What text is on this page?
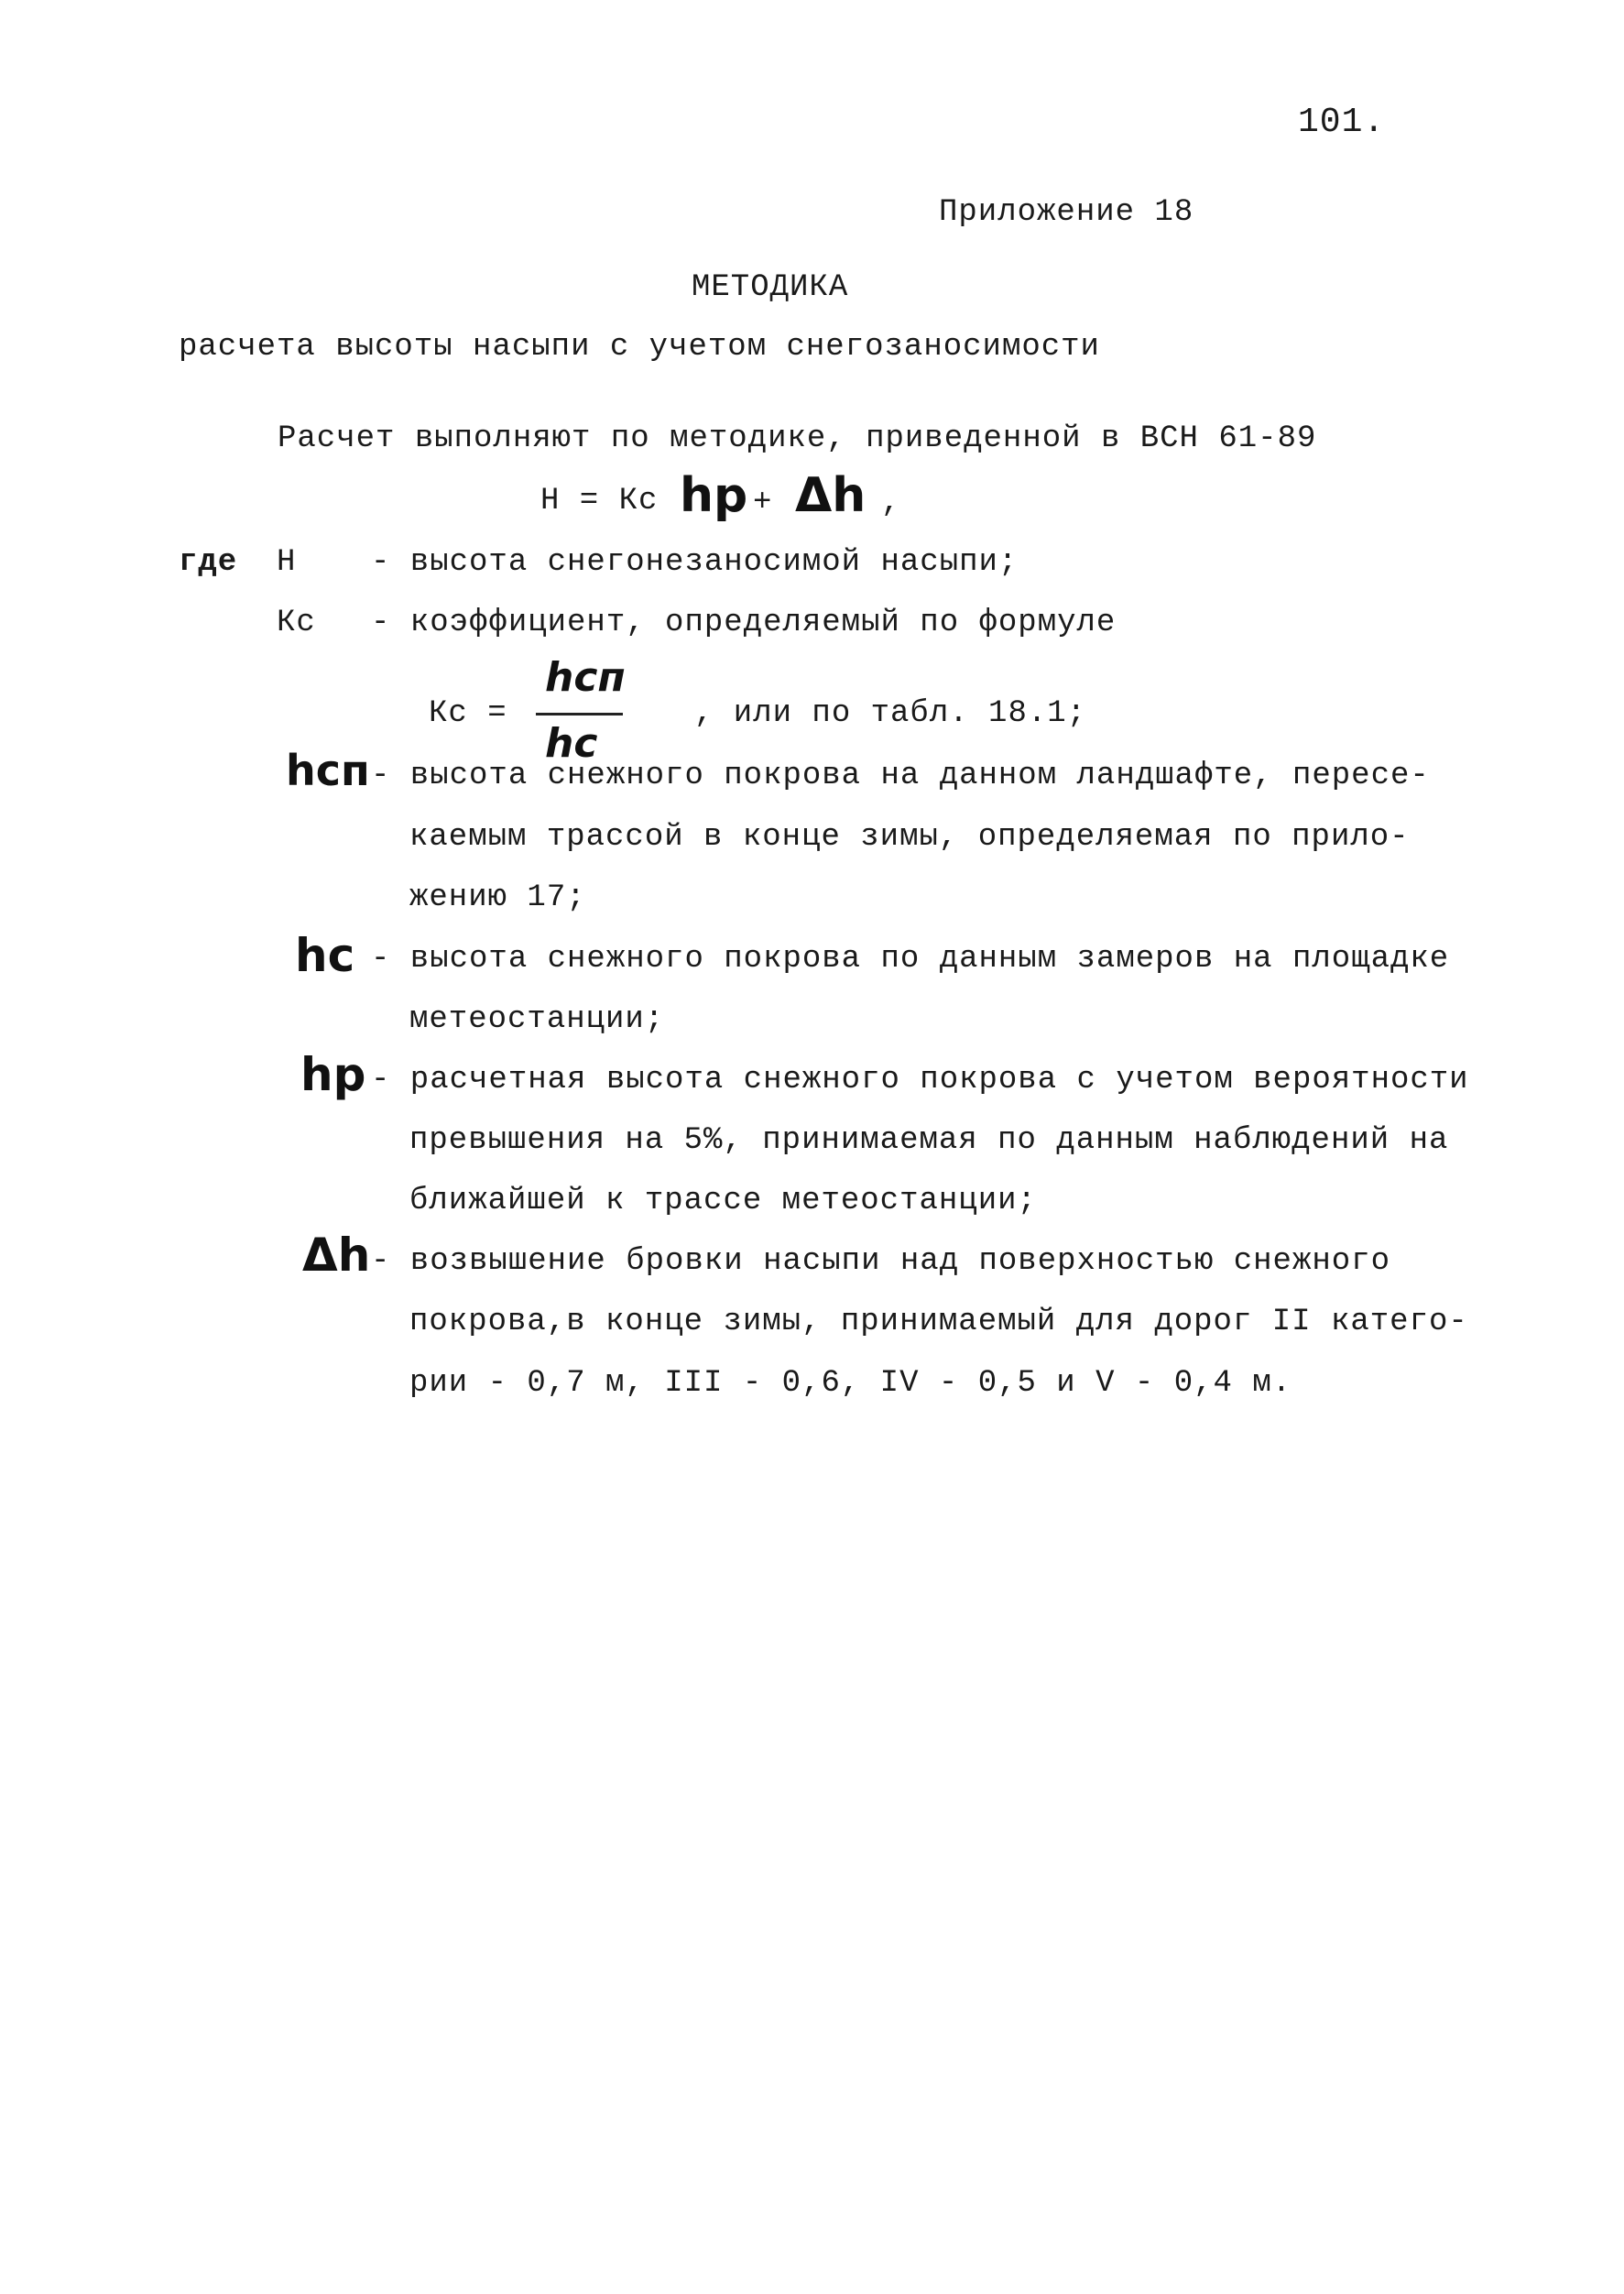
101.
Приложение 18
МЕТОДИКА
расчета высоты насыпи с учетом снегозаносимости
Расчет выполняют по методике, приведенной в ВСН 61-89
Н = Кс hр + Δh ,
где Н - высота снегонезаносимой насыпи;
Кс - коэффициент, определяемый по формуле
Кс =
hсп
hс
, или по табл. 18.1;
hсп - высота снежного покрова на данном ландшафте, пересе-
каемым трассой в конце зимы, определяемая по прило-
жению 17;
hс - высота снежного покрова по данным замеров на площадке
метеостанции;
hр - расчетная высота снежного покрова с учетом вероятности
превышения на 5%, принимаемая по данным наблюдений на
ближайшей к трассе метеостанции;
Δh - возвышение бровки насыпи над поверхностью снежного
покрова,в конце зимы, принимаемый для дорог II катего-
рии - 0,7 м, III - 0,6, IV - 0,5 и V - 0,4 м.
